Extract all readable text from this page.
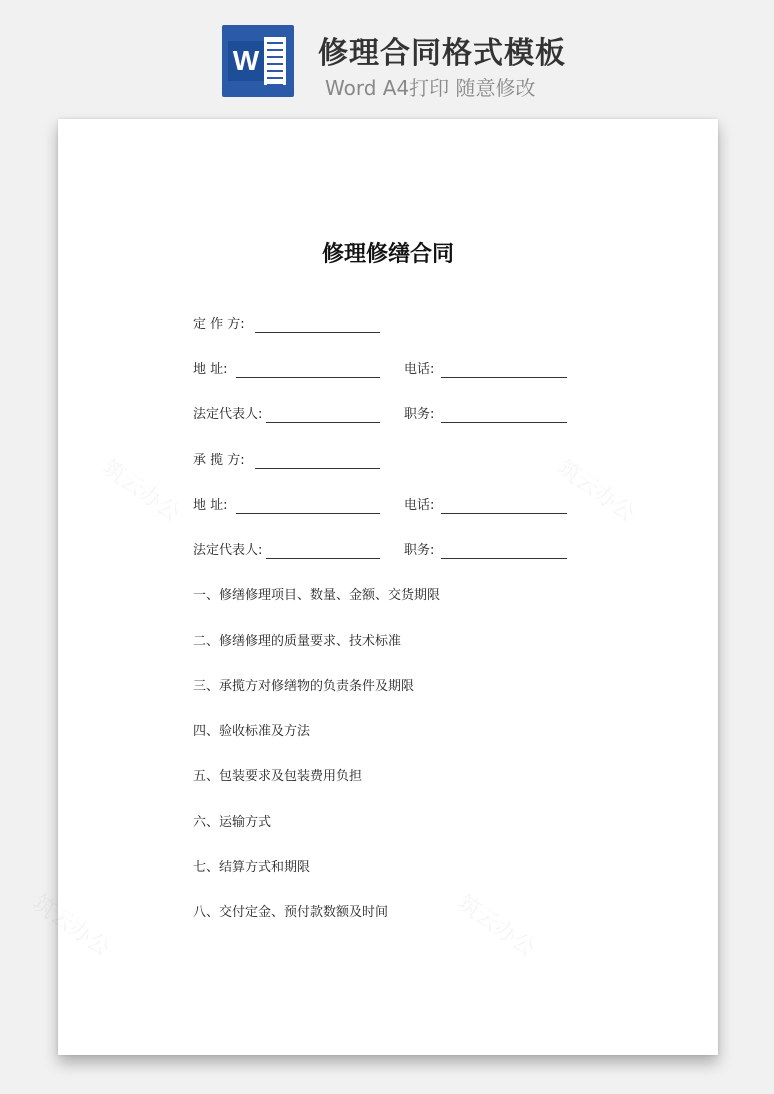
W 修理合同格式模板
Word A4打印 随意修改
修理修缮合同
定 作 方:
地 址:	电话:
法定代表人:	职务:
承 揽 方:
地 址:	电话:
法定代表人:	职务:
一、修缮修理项目、数量、金额、交货期限
二、修缮修理的质量要求、技术标准
三、承揽方对修缮物的负责条件及期限
四、验收标准及方法
五、包装要求及包装费用负担
六、运输方式
七、结算方式和期限
八、交付定金、预付款数额及时间
